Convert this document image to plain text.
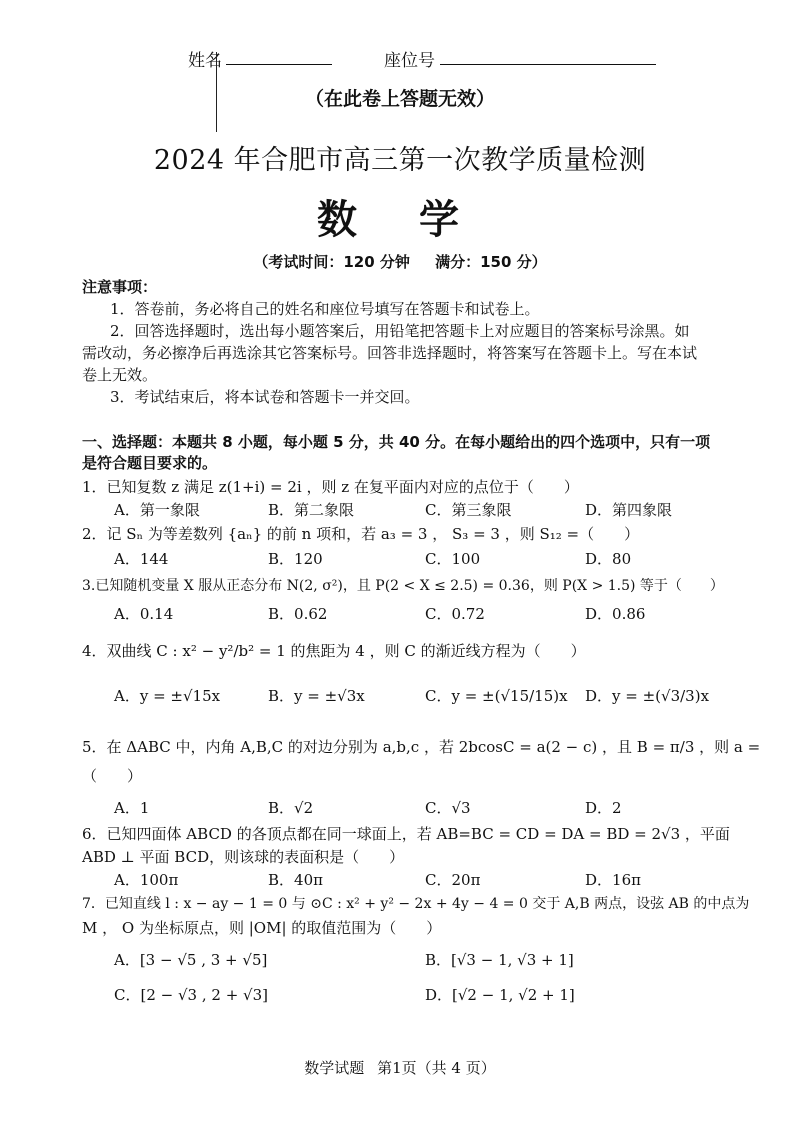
姓名	座位号
（在此卷上答题无效）
2024 年合肥市高三第一次教学质量检测
数 学
（考试时间：120 分钟 满分：150 分）
注意事项：
1．答卷前，务必将自己的姓名和座位号填写在答题卡和试卷上。
2．回答选择题时，选出每小题答案后，用铅笔把答题卡上对应题目的答案标号涂黑。如
需改动，务必擦净后再选涂其它答案标号。回答非选择题时，将答案写在答题卡上。写在本试
卷上无效。
3．考试结束后，将本试卷和答题卡一并交回。
一、选择题：本题共 8 小题，每小题 5 分，共 40 分。在每小题给出的四个选项中，只有一项
是符合题目要求的。
1．已知复数 z 满足 z(1+i) = 2i ，则 z 在复平面内对应的点位于（　　）
A．第一象限	B．第二象限	C．第三象限	D．第四象限
2．记 Sₙ 为等差数列 {aₙ} 的前 n 项和，若 a₃ = 3 ， S₃ = 3 ，则 S₁₂ =（　　）
A．144	B．120	C．100	D．80
3.已知随机变量 X 服从正态分布 N(2, σ²)，且 P(2 < X ≤ 2.5) = 0.36，则 P(X > 1.5) 等于（　　）
A．0.14	B．0.62	C．0.72	D．0.86
4．双曲线 C : x² − y²/b² = 1 的焦距为 4 ，则 C 的渐近线方程为（　　）
A．y = ±√15x	B．y = ±√3x	C．y = ±(√15/15)x D．y = ±(√3/3)x
5．在 ΔABC 中，内角 A,B,C 的对边分别为 a,b,c ，若 2bcosC = a(2 − c) ，且 B = π/3 ，则 a =
（　　）
A．1	B．√2	C．√3	D．2
6．已知四面体 ABCD 的各顶点都在同一球面上，若 AB=BC = CD = DA = BD = 2√3 ，平面
ABD ⊥ 平面 BCD，则该球的表面积是（　　）
A．100π	B．40π	C．20π	D．16π
7．已知直线 l : x − ay − 1 = 0 与 ⊙C : x² + y² − 2x + 4y − 4 = 0 交于 A,B 两点，设弦 AB 的中点为
M ， O 为坐标原点，则 |OM| 的取值范围为（　　）
A．[3 − √5 , 3 + √5]	B．[√3 − 1, √3 + 1]
C．[2 − √3 , 2 + √3]	D．[√2 − 1, √2 + 1]
数学试题 第1页（共 4 页）
